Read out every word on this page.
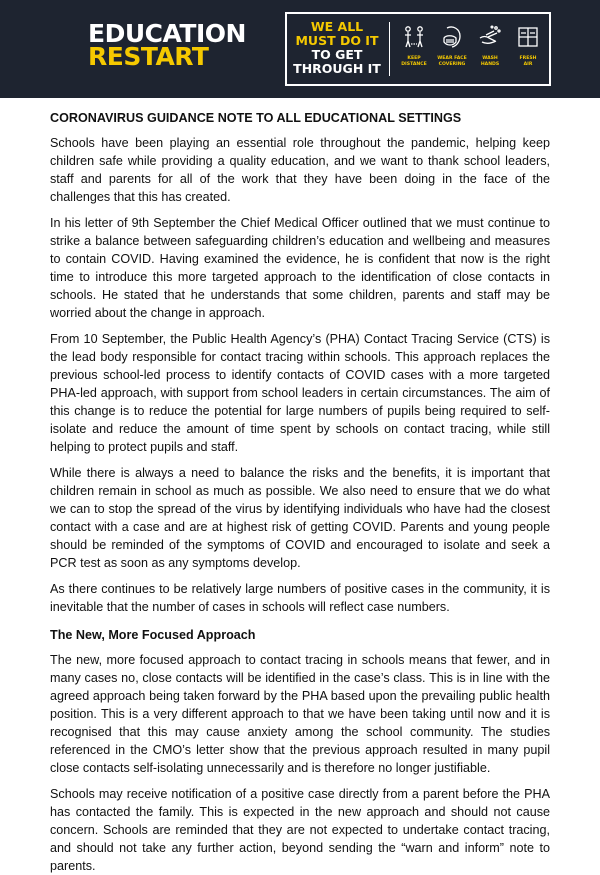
EDUCATION
RESTART
WE ALL
MUST DO IT
TO GET
THROUGH IT
KEEP
DISTANCE
WEAR FACE
COVERING
WASH
HANDS
FRESH
AIR
CORONAVIRUS GUIDANCE NOTE TO ALL EDUCATIONAL SETTINGS

Schools have been playing an essential role throughout the pandemic, helping keep children safe while providing a quality education, and we want to thank school leaders, staff and parents for all of the work that they have been doing in the face of the challenges that this has created.

In his letter of 9th September the Chief Medical Officer outlined that we must continue to strike a balance between safeguarding children’s education and wellbeing and measures to contain COVID. Having examined the evidence, he is confident that now is the right time to introduce this more targeted approach to the identification of close contacts in schools. He stated that he understands that some children, parents and staff may be worried about the change in approach.

From 10 September, the Public Health Agency’s (PHA) Contact Tracing Service (CTS) is the lead body responsible for contact tracing within schools. This approach replaces the previous school-led process to identify contacts of COVID cases with a more targeted PHA-led approach, with support from school leaders in certain circumstances. The aim of this change is to reduce the potential for large numbers of pupils being required to self-isolate and reduce the amount of time spent by schools on contact tracing, while still helping to protect pupils and staff.

While there is always a need to balance the risks and the benefits, it is important that children remain in school as much as possible. We also need to ensure that we do what we can to stop the spread of the virus by identifying individuals who have had the closest contact with a case and are at highest risk of getting COVID. Parents and young people should be reminded of the symptoms of COVID and encouraged to isolate and seek a PCR test as soon as any symptoms develop.

As there continues to be relatively large numbers of positive cases in the community, it is inevitable that the number of cases in schools will reflect case numbers.

The New, More Focused Approach

The new, more focused approach to contact tracing in schools means that fewer, and in many cases no, close contacts will be identified in the case’s class. This is in line with the agreed approach being taken forward by the PHA based upon the prevailing public health position. This is a very different approach to that we have been taking until now and it is recognised that this may cause anxiety among the school community. The studies referenced in the CMO’s letter show that the previous approach resulted in many pupil close contacts self-isolating unnecessarily and is therefore no longer justifiable.

Schools may receive notification of a positive case directly from a parent before the PHA has contacted the family. This is expected in the new approach and should not cause concern. Schools are reminded that they are not expected to undertake contact tracing, and should not take any further action, beyond sending the “warn and inform” note to parents.
